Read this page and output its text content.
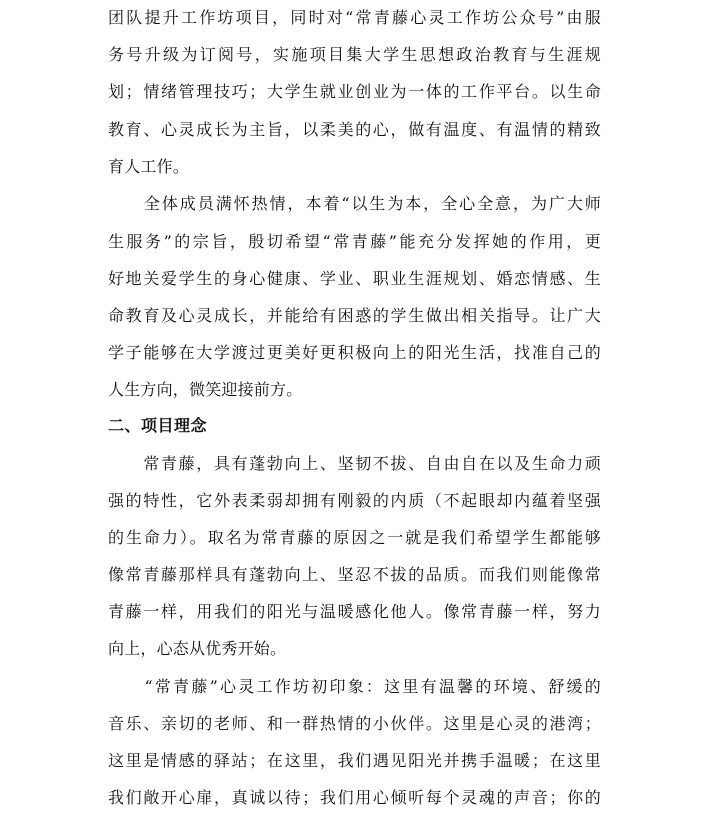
团队提升工作坊项目，同时对“常青藤心灵工作坊公众号”由服
务号升级为订阅号，实施项目集大学生思想政治教育与生涯规
划；情绪管理技巧；大学生就业创业为一体的工作平台。以生命
教育、心灵成长为主旨，以柔美的心，做有温度、有温情的精致
育人工作。
　　全体成员满怀热情，本着“以生为本，全心全意，为广大师
生服务”的宗旨，殷切希望“常青藤”能充分发挥她的作用，更
好地关爱学生的身心健康、学业、职业生涯规划、婚恋情感、生
命教育及心灵成长，并能给有困惑的学生做出相关指导。让广大
学子能够在大学渡过更美好更积极向上的阳光生活，找准自己的
人生方向，微笑迎接前方。
二、项目理念
　　常青藤，具有蓬勃向上、坚韧不拔、自由自在以及生命力顽
强的特性，它外表柔弱却拥有刚毅的内质（不起眼却内蕴着坚强
的生命力）。取名为常青藤的原因之一就是我们希望学生都能够
像常青藤那样具有蓬勃向上、坚忍不拔的品质。而我们则能像常
青藤一样，用我们的阳光与温暖感化他人。像常青藤一样，努力
向上，心态从优秀开始。
　　“常青藤”心灵工作坊初印象：这里有温馨的环境、舒缓的
音乐、亲切的老师、和一群热情的小伙伴。这里是心灵的港湾；
这里是情感的驿站；在这里，我们遇见阳光并携手温暖；在这里
我们敞开心扉，真诚以待；我们用心倾听每个灵魂的声音；你的
